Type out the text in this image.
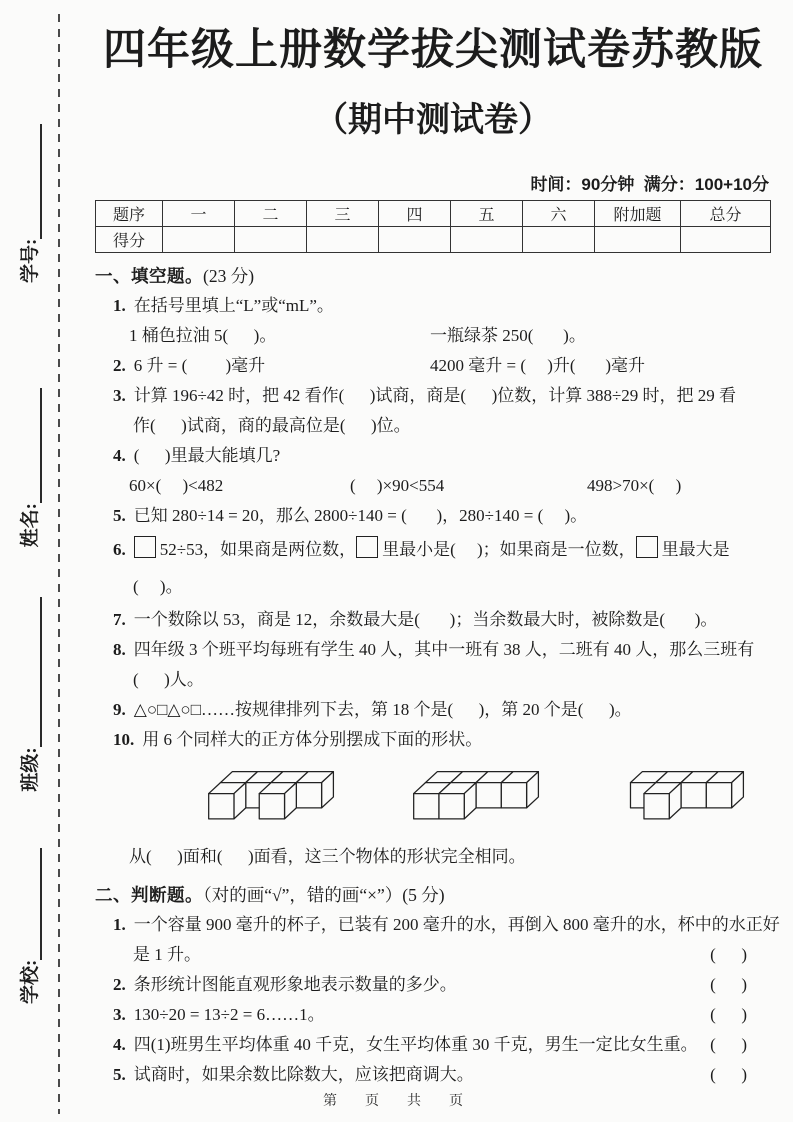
学校:
班级:
姓名:
学号:
四年级上册数学拔尖测试卷苏教版
（期中测试卷）
时间：90分钟  满分：100+10分
题序	一	二	三	四	五	六	附加题	总分
得分								
一、填空题。(23 分)
1. 在括号里填上“L”或“mL”。
1 桶色拉油 5(      )。	一瓶绿茶 250(       )。
2. 6 升 = (         )毫升	4200 毫升 = (     )升(       )毫升
3. 计算 196÷42 时，把 42 看作(      )试商，商是(      )位数，计算 388÷29 时，把 29 看
作(      )试商，商的最高位是(      )位。
4. (      )里最大能填几?
60×(     )<482	(     )×90<554	498>70×(     )
5. 已知 280÷14 = 20，那么 2800÷140 = (       )，280÷140 = (     )。
6. 52÷53，如果商是两位数， 里最小是(     )；如果商是一位数， 里最大是
(     )。
7. 一个数除以 53，商是 12，余数最大是(       )；当余数最大时，被除数是(       )。
8. 四年级 3 个班平均每班有学生 40 人，其中一班有 38 人，二班有 40 人，那么三班有
(      )人。
9. △○□△○□……按规律排列下去，第 18 个是(      )，第 20 个是(      )。
10. 用 6 个同样大的正方体分别摆成下面的形状。
从(      )面和(      )面看，这三个物体的形状完全相同。
二、判断题。（对的画“√”，错的画“×”）(5 分)
1. 一个容量 900 毫升的杯子，已装有 200 毫升的水，再倒入 800 毫升的水，杯中的水正好
是 1 升。	(      )
2. 条形统计图能直观形象地表示数量的多少。	(      )
3. 130÷20 = 13÷2 = 6……1。	(      )
4. 四(1)班男生平均体重 40 千克，女生平均体重 30 千克，男生一定比女生重。 (      )
5. 试商时，如果余数比除数大，应该把商调大。	(      )
第  页  共  页
